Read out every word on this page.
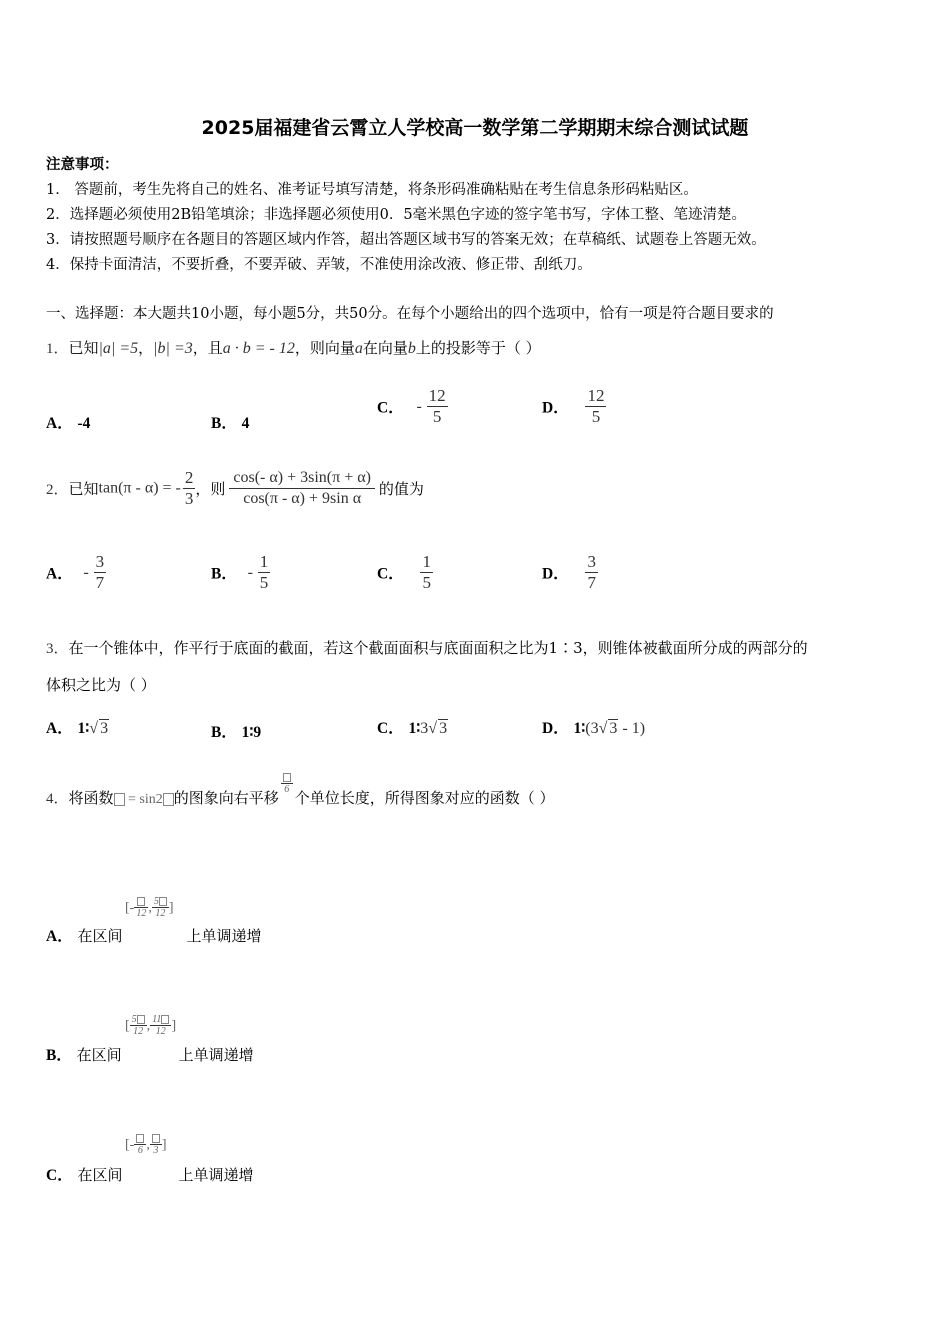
2025届福建省云霄立人学校高一数学第二学期期末综合测试试题
注意事项：
1． 答题前，考生先将自己的姓名、准考证号填写清楚，将条形码准确粘贴在考生信息条形码粘贴区。
2．选择题必须使用2B铅笔填涂；非选择题必须使用0．5毫米黑色字迹的签字笔书写，字体工整、笔迹清楚。
3．请按照题号顺序在各题目的答题区域内作答，超出答题区域书写的答案无效；在草稿纸、试题卷上答题无效。
4．保持卡面清洁，不要折叠，不要弄破、弄皱，不准使用涂改液、修正带、刮纸刀。
一、选择题：本大题共10小题，每小题5分，共50分。在每个小题给出的四个选项中，恰有一项是符合题目要求的
1．已知|a| =5，|b| =3，且a · b = - 12，则向量a在向量b上的投影等于（ ）
A． -4	B． 4
C． - $\frac{12}{5}$	D． $\frac{12}{5}$
2．已知tan(π - α) = - $\frac{2}{3}$ ，则 $\frac{\cos(- \alpha) + 3\sin(\pi + \alpha)}{\text{cos(π - α) + 9sin α}}$ 的值为
A． - $\frac{3}{7}$	B． - $\frac{1}{5}$	C． $\frac{1}{5}$	D． $\frac{3}{7}$
3．在一个锥体中，作平行于底面的截面，若这个截面面积与底面面积之比为1∶3，则锥体被截面所分成的两部分的
体积之比为（ ）
A． 1∶√ 3	B． 1∶9	C． 1∶3√ 3	D． 1∶(3√ 3 - 1)
4．将函数 = sin2 的图象向右平移 6 个单位长度，所得图象对应的函数（ ）
[- 12 , $\frac{5}{12}$ ]
A． 在区间	上单调递增
[ $\frac{5}{12}$ , $\frac{11}{12}$ ]
B． 在区间	上单调递增
[- 6 , 3 ]
C． 在区间	上单调递增
